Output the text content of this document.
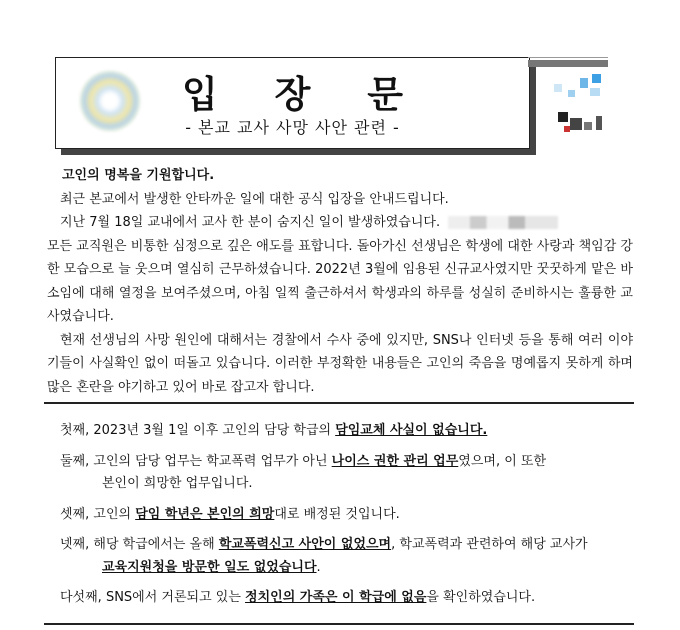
입 장 문
- 본교 교사 사망 사안 관련 -

고인의 명복을 기원합니다.

최근 본교에서 발생한 안타까운 일에 대한 공식 입장을 안내드립니다.

지난 7월 18일 교내에서 교사 한 분이 숨지신 일이 발생하였습니다.

모든 교직원은 비통한 심정으로 깊은 애도를 표합니다. 돌아가신 선생님은 학생에 대한 사랑과 책임감 강한 모습으로 늘 웃으며 열심히 근무하셨습니다. 2022년 3월에 임용된 신규교사였지만 꿋꿋하게 맡은 바 소임에 대해 열정을 보여주셨으며, 아침 일찍 출근하셔서 학생과의 하루를 성실히 준비하시는 훌륭한 교사였습니다.

현재 선생님의 사망 원인에 대해서는 경찰에서 수사 중에 있지만, SNS나 인터넷 등을 통해 여러 이야기들이 사실확인 없이 떠돌고 있습니다. 이러한 부정확한 내용들은 고인의 죽음을 명예롭지 못하게 하며 많은 혼란을 야기하고 있어 바로 잡고자 합니다.

첫째, 2023년 3월 1일 이후 고인의 담당 학급의 담임교체 사실이 없습니다.
둘째, 고인의 담당 업무는 학교폭력 업무가 아닌 나이스 권한 관리 업무였으며, 이 또한
본인이 희망한 업무입니다.
셋째, 고인의 담임 학년은 본인의 희망대로 배정된 것입니다.
넷째, 해당 학급에서는 올해 학교폭력신고 사안이 없었으며, 학교폭력과 관련하여 해당 교사가
교육지원청을 방문한 일도 없었습니다.
다섯째, SNS에서 거론되고 있는 정치인의 가족은 이 학급에 없음을 확인하였습니다.
